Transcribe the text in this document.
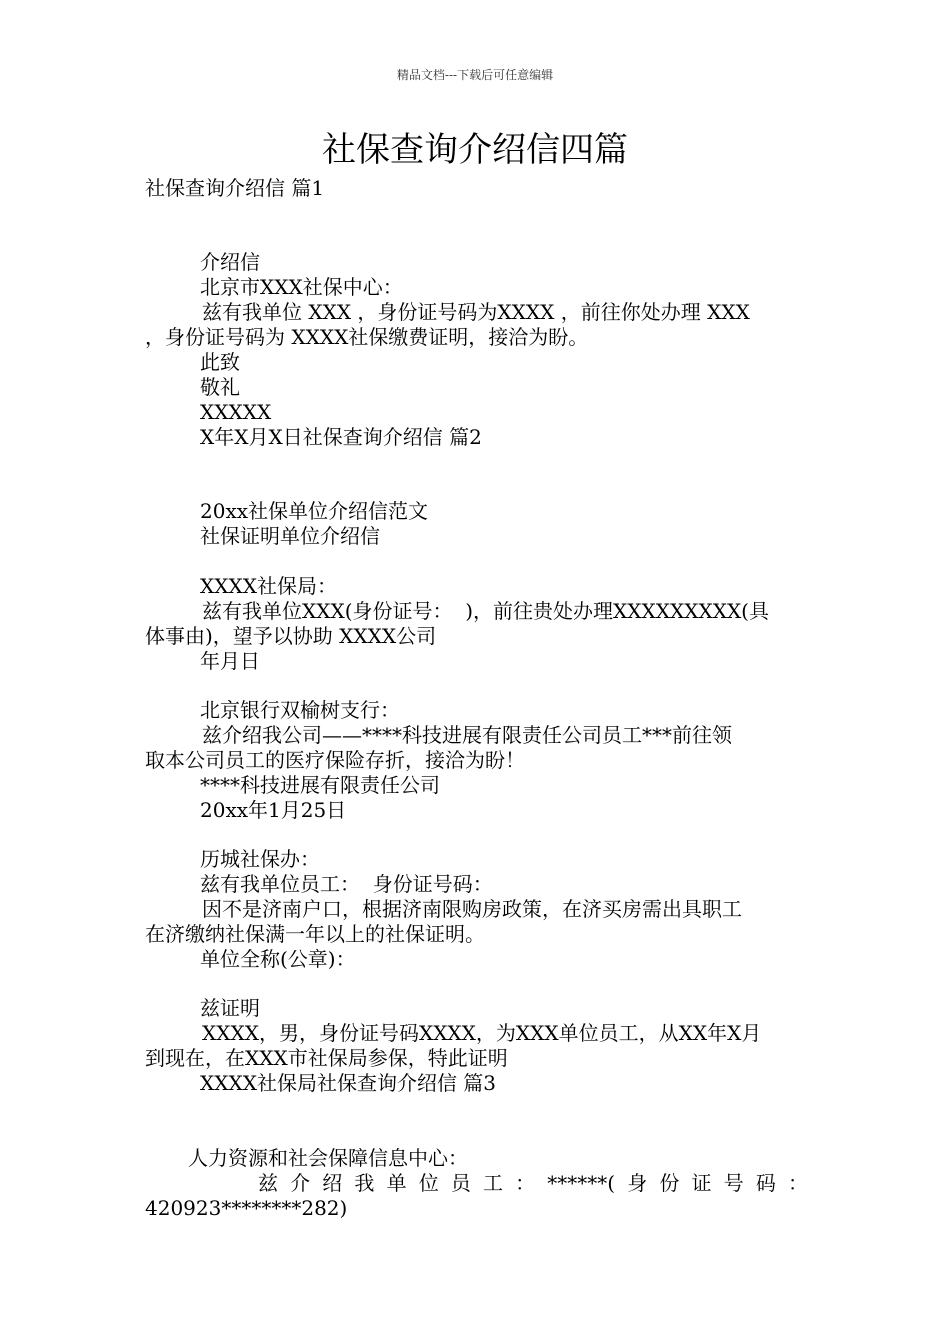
精品文档---下载后可任意编辑
社保查询介绍信四篇
社保查询介绍信 篇1
介绍信
北京市XXX社保中心：
兹有我单位 XXX ，身份证号码为XXXX ，前往你处办理 XXX
，身份证号码为 XXXX社保缴费证明，接洽为盼。
此致
敬礼
XXXXX
X年X月X日社保查询介绍信 篇2
20xx社保单位介绍信范文
社保证明单位介绍信
XXXX社保局：
兹有我单位XXX(身份证号：  )，前往贵处办理XXXXXXXXX(具
体事由)，望予以协助 XXXX公司
年月日
北京银行双榆树支行：
兹介绍我公司——****科技进展有限责任公司员工***前往领
取本公司员工的医疗保险存折，接洽为盼！
****科技进展有限责任公司
20xx年1月25日
历城社保办：
兹有我单位员工：  身份证号码：
因不是济南户口，根据济南限购房政策，在济买房需出具职工
在济缴纳社保满一年以上的社保证明。
单位全称(公章)：
兹证明
XXXX，男，身份证号码XXXX，为XXX单位员工，从XX年X月
到现在，在XXX市社保局参保，特此证明
XXXX社保局社保查询介绍信 篇3
人力资源和社会保障信息中心：
兹介绍我单位员工：******(身份证号码：
420923********282)
